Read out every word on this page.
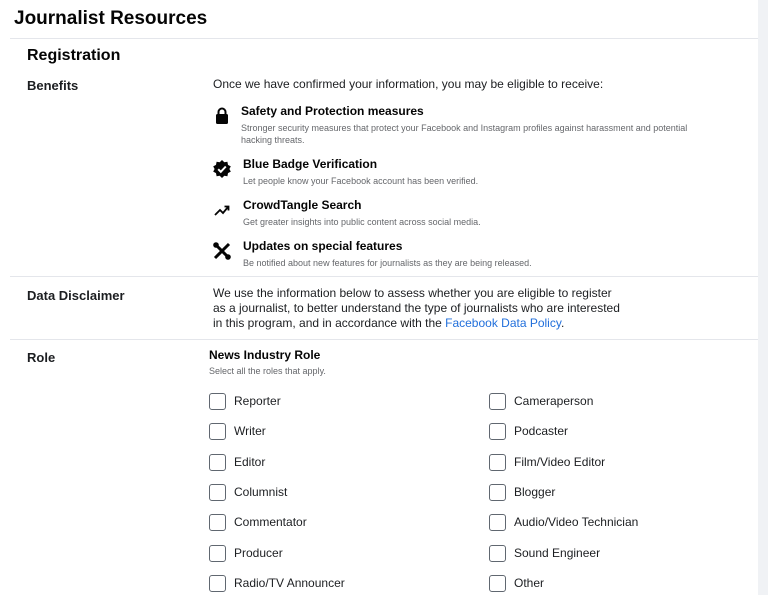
Journalist Resources
Registration
Benefits	Once we have confirmed your information, you may be eligible to receive:
Safety and Protection measures
Stronger security measures that protect your Facebook and Instagram profiles against harassment and potential hacking threats.
Blue Badge Verification
Let people know your Facebook account has been verified.
CrowdTangle Search
Get greater insights into public content across social media.
Updates on special features
Be notified about new features for journalists as they are being released.
Data Disclaimer	We use the information below to assess whether you are eligible to register as a journalist, to better understand the type of journalists who are interested in this program, and in accordance with the Facebook Data Policy.
Role	News Industry Role
Select all the roles that apply.
Reporter
Writer
Editor
Columnist
Commentator
Producer
Radio/TV Announcer
Cameraperson
Podcaster
Film/Video Editor
Blogger
Audio/Video Technician
Sound Engineer
Other
